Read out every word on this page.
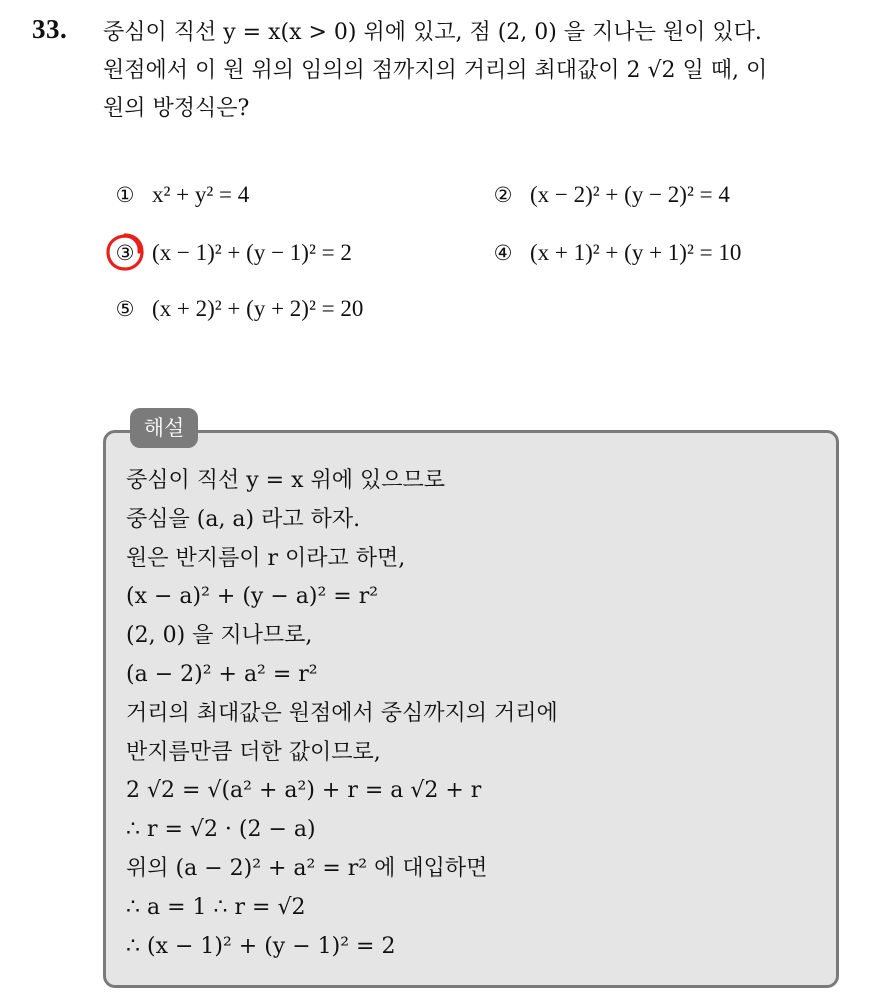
33. 중심이 직선 y = x(x > 0) 위에 있고, 점 (2, 0) 을 지나는 원이 있다.
원점에서 이 원 위의 임의의 점까지의 거리의 최대값이 2 √2 일 때, 이
원의 방정식은?
① x² + y² = 4	② (x − 2)² + (y − 2)² = 4
③ (x − 1)² + (y − 1)² = 2	④ (x + 1)² + (y + 1)² = 10
⑤ (x + 2)² + (y + 2)² = 20
해설
중심이 직선 y = x 위에 있으므로
중심을 (a, a) 라고 하자.
원은 반지름이 r 이라고 하면,
(x − a)² + (y − a)² = r²
(2, 0) 을 지나므로,
(a − 2)² + a² = r²
거리의 최대값은 원점에서 중심까지의 거리에
반지름만큼 더한 값이므로,
2 √2 = √(a² + a²) + r = a √2 + r
∴ r = √2 · (2 − a)
위의 (a − 2)² + a² = r² 에 대입하면
∴ a = 1 ∴ r = √2
∴ (x − 1)² + (y − 1)² = 2
